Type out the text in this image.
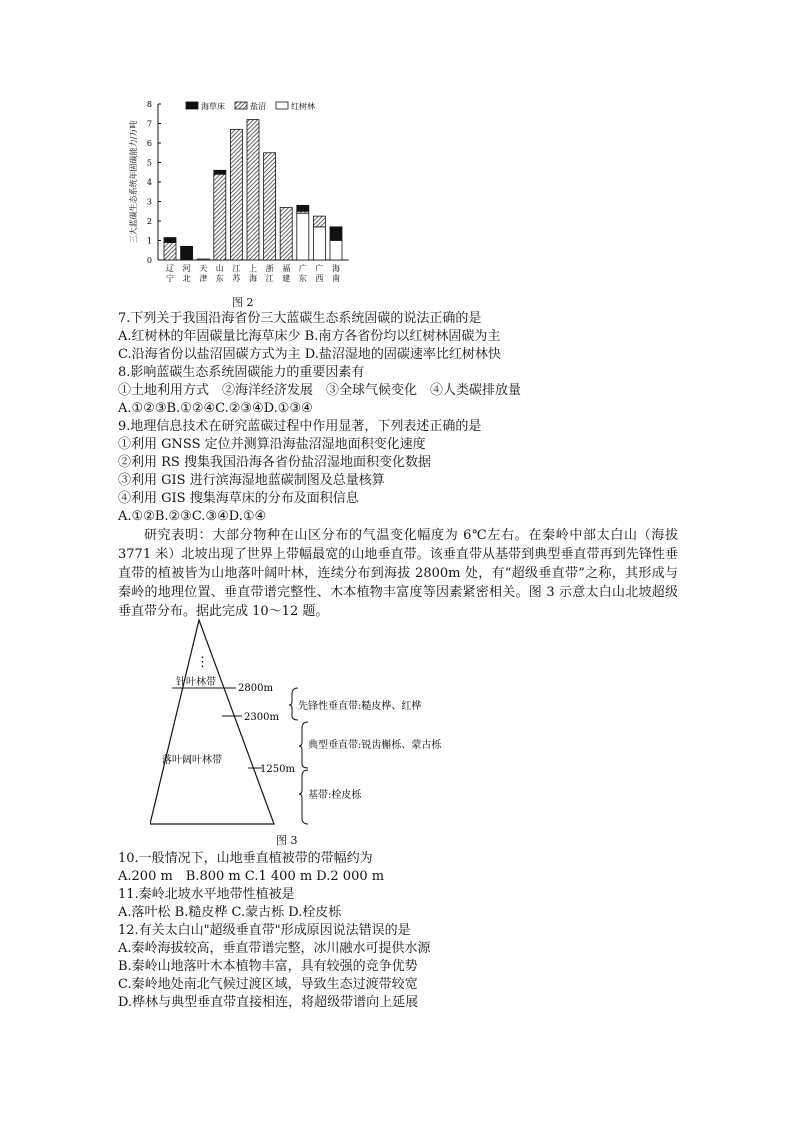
三大蓝碳生态系统年固碳能力/万吨
0
1
2
3
4
5
6
7
8	海草床	盐沼	红树林
辽
宁
河
北
天
津
山
东
江
苏
上
海
浙
江
福
建
广
东
广
西
海
南
图 2
7.下列关于我国沿海省份三大蓝碳生态系统固碳的说法正确的是
A.红树林的年固碳量比海草床少 B.南方各省份均以红树林固碳为主
C.沿海省份以盐沼固碳方式为主 D.盐沼湿地的固碳速率比红树林快
8.影响蓝碳生态系统固碳能力的重要因素有
①土地利用方式　②海洋经济发展　③全球气候变化　④人类碳排放量
A.①②③B.①②④C.②③④D.①③④
9.地理信息技术在研究蓝碳过程中作用显著，下列表述正确的是
①利用 GNSS 定位并测算沿海盐沼湿地面积变化速度
②利用 RS 搜集我国沿海各省份盐沼湿地面积变化数据
③利用 GIS 进行滨海湿地蓝碳制图及总量核算
④利用 GIS 搜集海草床的分布及面积信息
A.①②B.②③C.③④D.①④
研究表明：大部分物种在山区分布的气温变化幅度为 6℃左右。在秦岭中部太白山（海拔 3771 米）北坡出现了世界上带幅最宽的山地垂直带。该垂直带从基带到典型垂直带再到先锋性垂直带的植被皆为山地落叶阔叶林，连续分布到海拔 2800m 处，有“超级垂直带”之称，其形成与秦岭的地理位置、垂直带谱完整性、木本植物丰富度等因素紧密相关。图 3 示意太白山北坡超级垂直带分布。据此完成 10～12 题。
⋮
针叶林带
落叶阔叶林带
2800m
2300m
1250m
先锋性垂直带:糙皮桦、红桦
典型垂直带:锐齿槲栎、蒙古栎
基带:栓皮栎
图 3
10.一般情况下，山地垂直植被带的带幅约为
A.200 m　B.800 m C.1 400 m D.2 000 m
11.秦岭北坡水平地带性植被是
A.落叶松 B.糙皮桦 C.蒙古栎 D.栓皮栎
12.有关太白山"超级垂直带"形成原因说法错误的是
A.秦岭海拔较高，垂直带谱完整，冰川融水可提供水源
B.秦岭山地落叶木本植物丰富，具有较强的竞争优势
C.秦岭地处南北气候过渡区域，导致生态过渡带较宽
D.桦林与典型垂直带直接相连，将超级带谱向上延展
